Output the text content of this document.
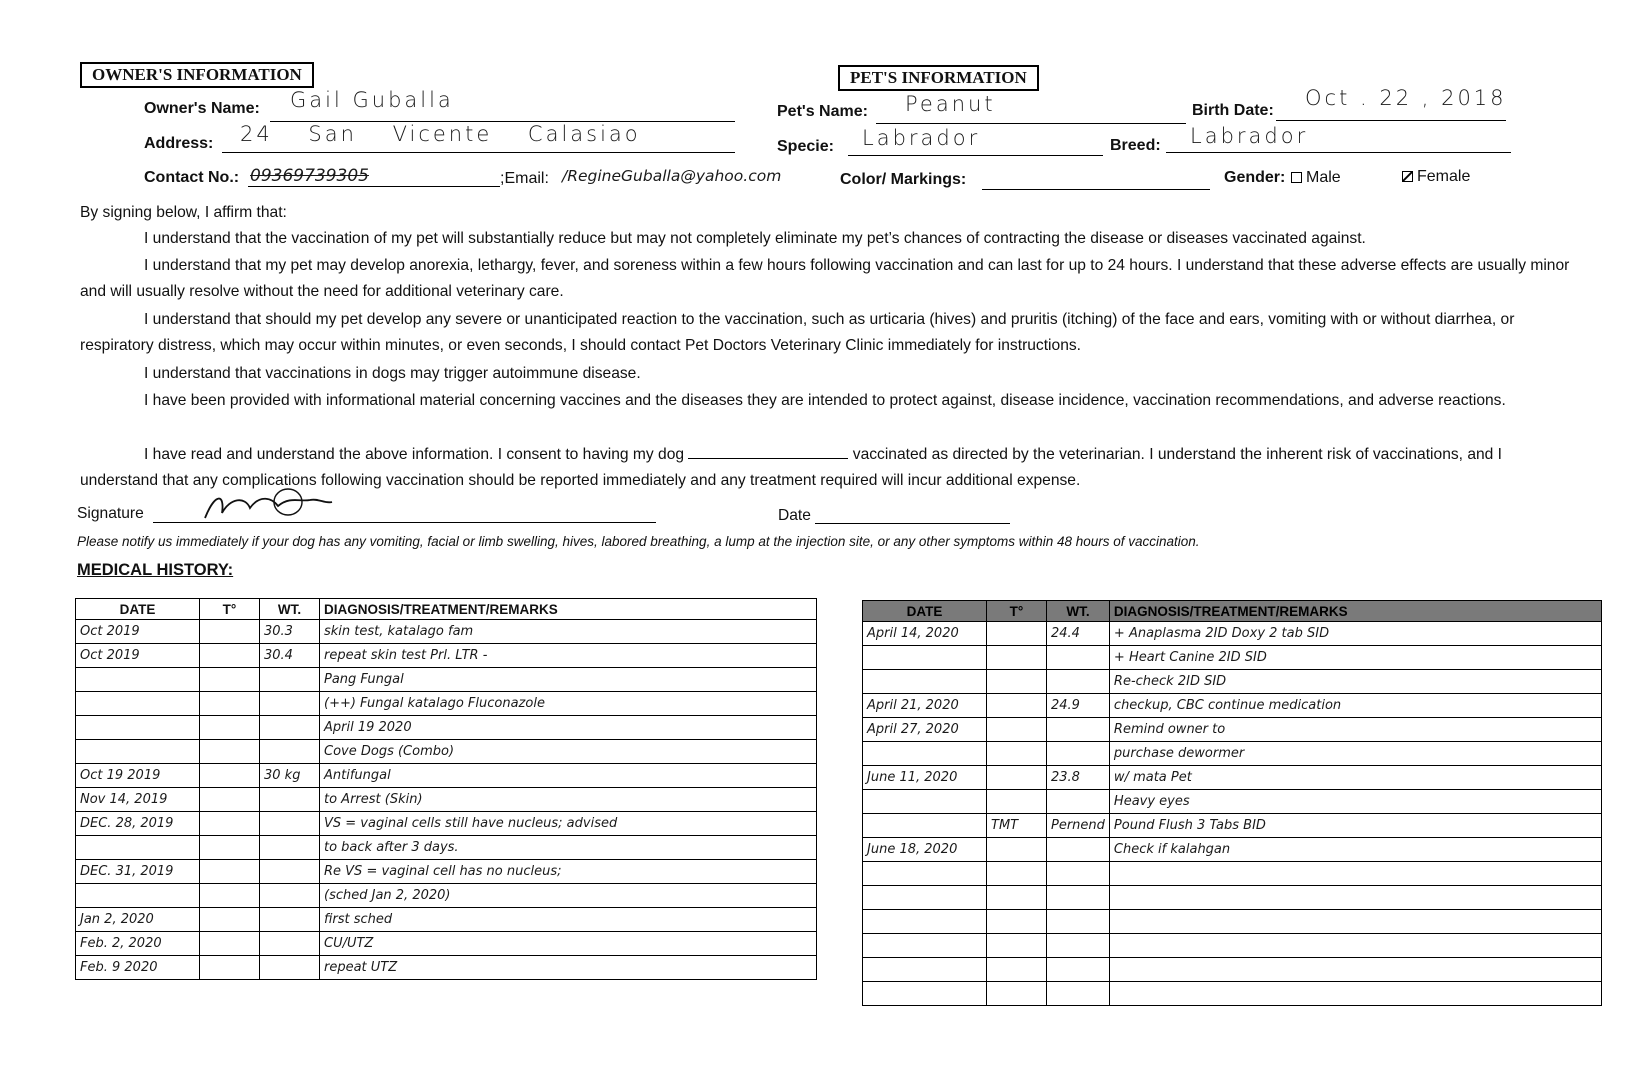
OWNER'S INFORMATION	PET'S INFORMATION
Owner's Name: Gail Guballa	Pet's Name: Peanut	Birth Date:
Oct . 22 , 2018
Address: 24 San Vicente Calasiao
Specie: Labrador	Breed: Labrador
Contact No.: 09369739305	;Email: /RegineGuballa@yahoo.com	Color/ Markings:	Gender:	Male	Female
By signing below, I affirm that:
I understand that the vaccination of my pet will substantially reduce but may not completely eliminate my pet’s chances of contracting the disease or diseases vaccinated against.
I understand that my pet may develop anorexia, lethargy, fever, and soreness within a few hours following vaccination and can last for up to 24 hours. I understand that these adverse effects are usually minor and will usually resolve without the need for additional veterinary care.
I understand that should my pet develop any severe or unanticipated reaction to the vaccination, such as urticaria (hives) and pruritis (itching) of the face and ears, vomiting with or without diarrhea, or respiratory distress, which may occur within minutes, or even seconds, I should contact Pet Doctors Veterinary Clinic immediately for instructions.
I understand that vaccinations in dogs may trigger autoimmune disease.
I have been provided with informational material concerning vaccines and the diseases they are intended to protect against, disease incidence, vaccination recommendations, and adverse reactions.
I have read and understand the above information. I consent to having my dog	vaccinated as directed by the veterinarian. I understand the inherent risk of vaccinations, and I understand that any complications following vaccination should be reported immediately and any treatment required will incur additional expense.
Signature	Date
Please notify us immediately if your dog has any vomiting, facial or limb swelling, hives, labored breathing, a lump at the injection site, or any other symptoms within 48 hours of vaccination.
MEDICAL HISTORY:
DATE	T°	WT.	DIAGNOSIS/TREATMENT/REMARKS
Oct 2019		30.3	skin test, katalago fam
Oct 2019		30.4	repeat skin test Prl. LTR -
			Pang Fungal
			(++) Fungal katalago Fluconazole
			April 19 2020
			Cove Dogs (Combo)
Oct 19 2019		30 kg	Antifungal
Nov 14, 2019			to Arrest (Skin)
DEC. 28, 2019			VS = vaginal cells still have nucleus; advised
			to back after 3 days.
DEC. 31, 2019			Re VS = vaginal cell has no nucleus;
			(sched Jan 2, 2020)
Jan 2, 2020			first sched
Feb. 2, 2020			CU/UTZ
Feb. 9 2020			repeat UTZ
DATE	T°	WT.	DIAGNOSIS/TREATMENT/REMARKS
April 14, 2020		24.4	+ Anaplasma 2ID Doxy 2 tab SID
			+ Heart Canine 2ID SID
			Re-check 2ID SID
April 21, 2020		24.9	checkup, CBC continue medication
April 27, 2020			Remind owner to
			purchase dewormer
June 11, 2020		23.8	w/ mata Pet
			Heavy eyes
	TMT	Pernend	Pound Flush 3 Tabs BID
June 18, 2020			Check if kalahgan
